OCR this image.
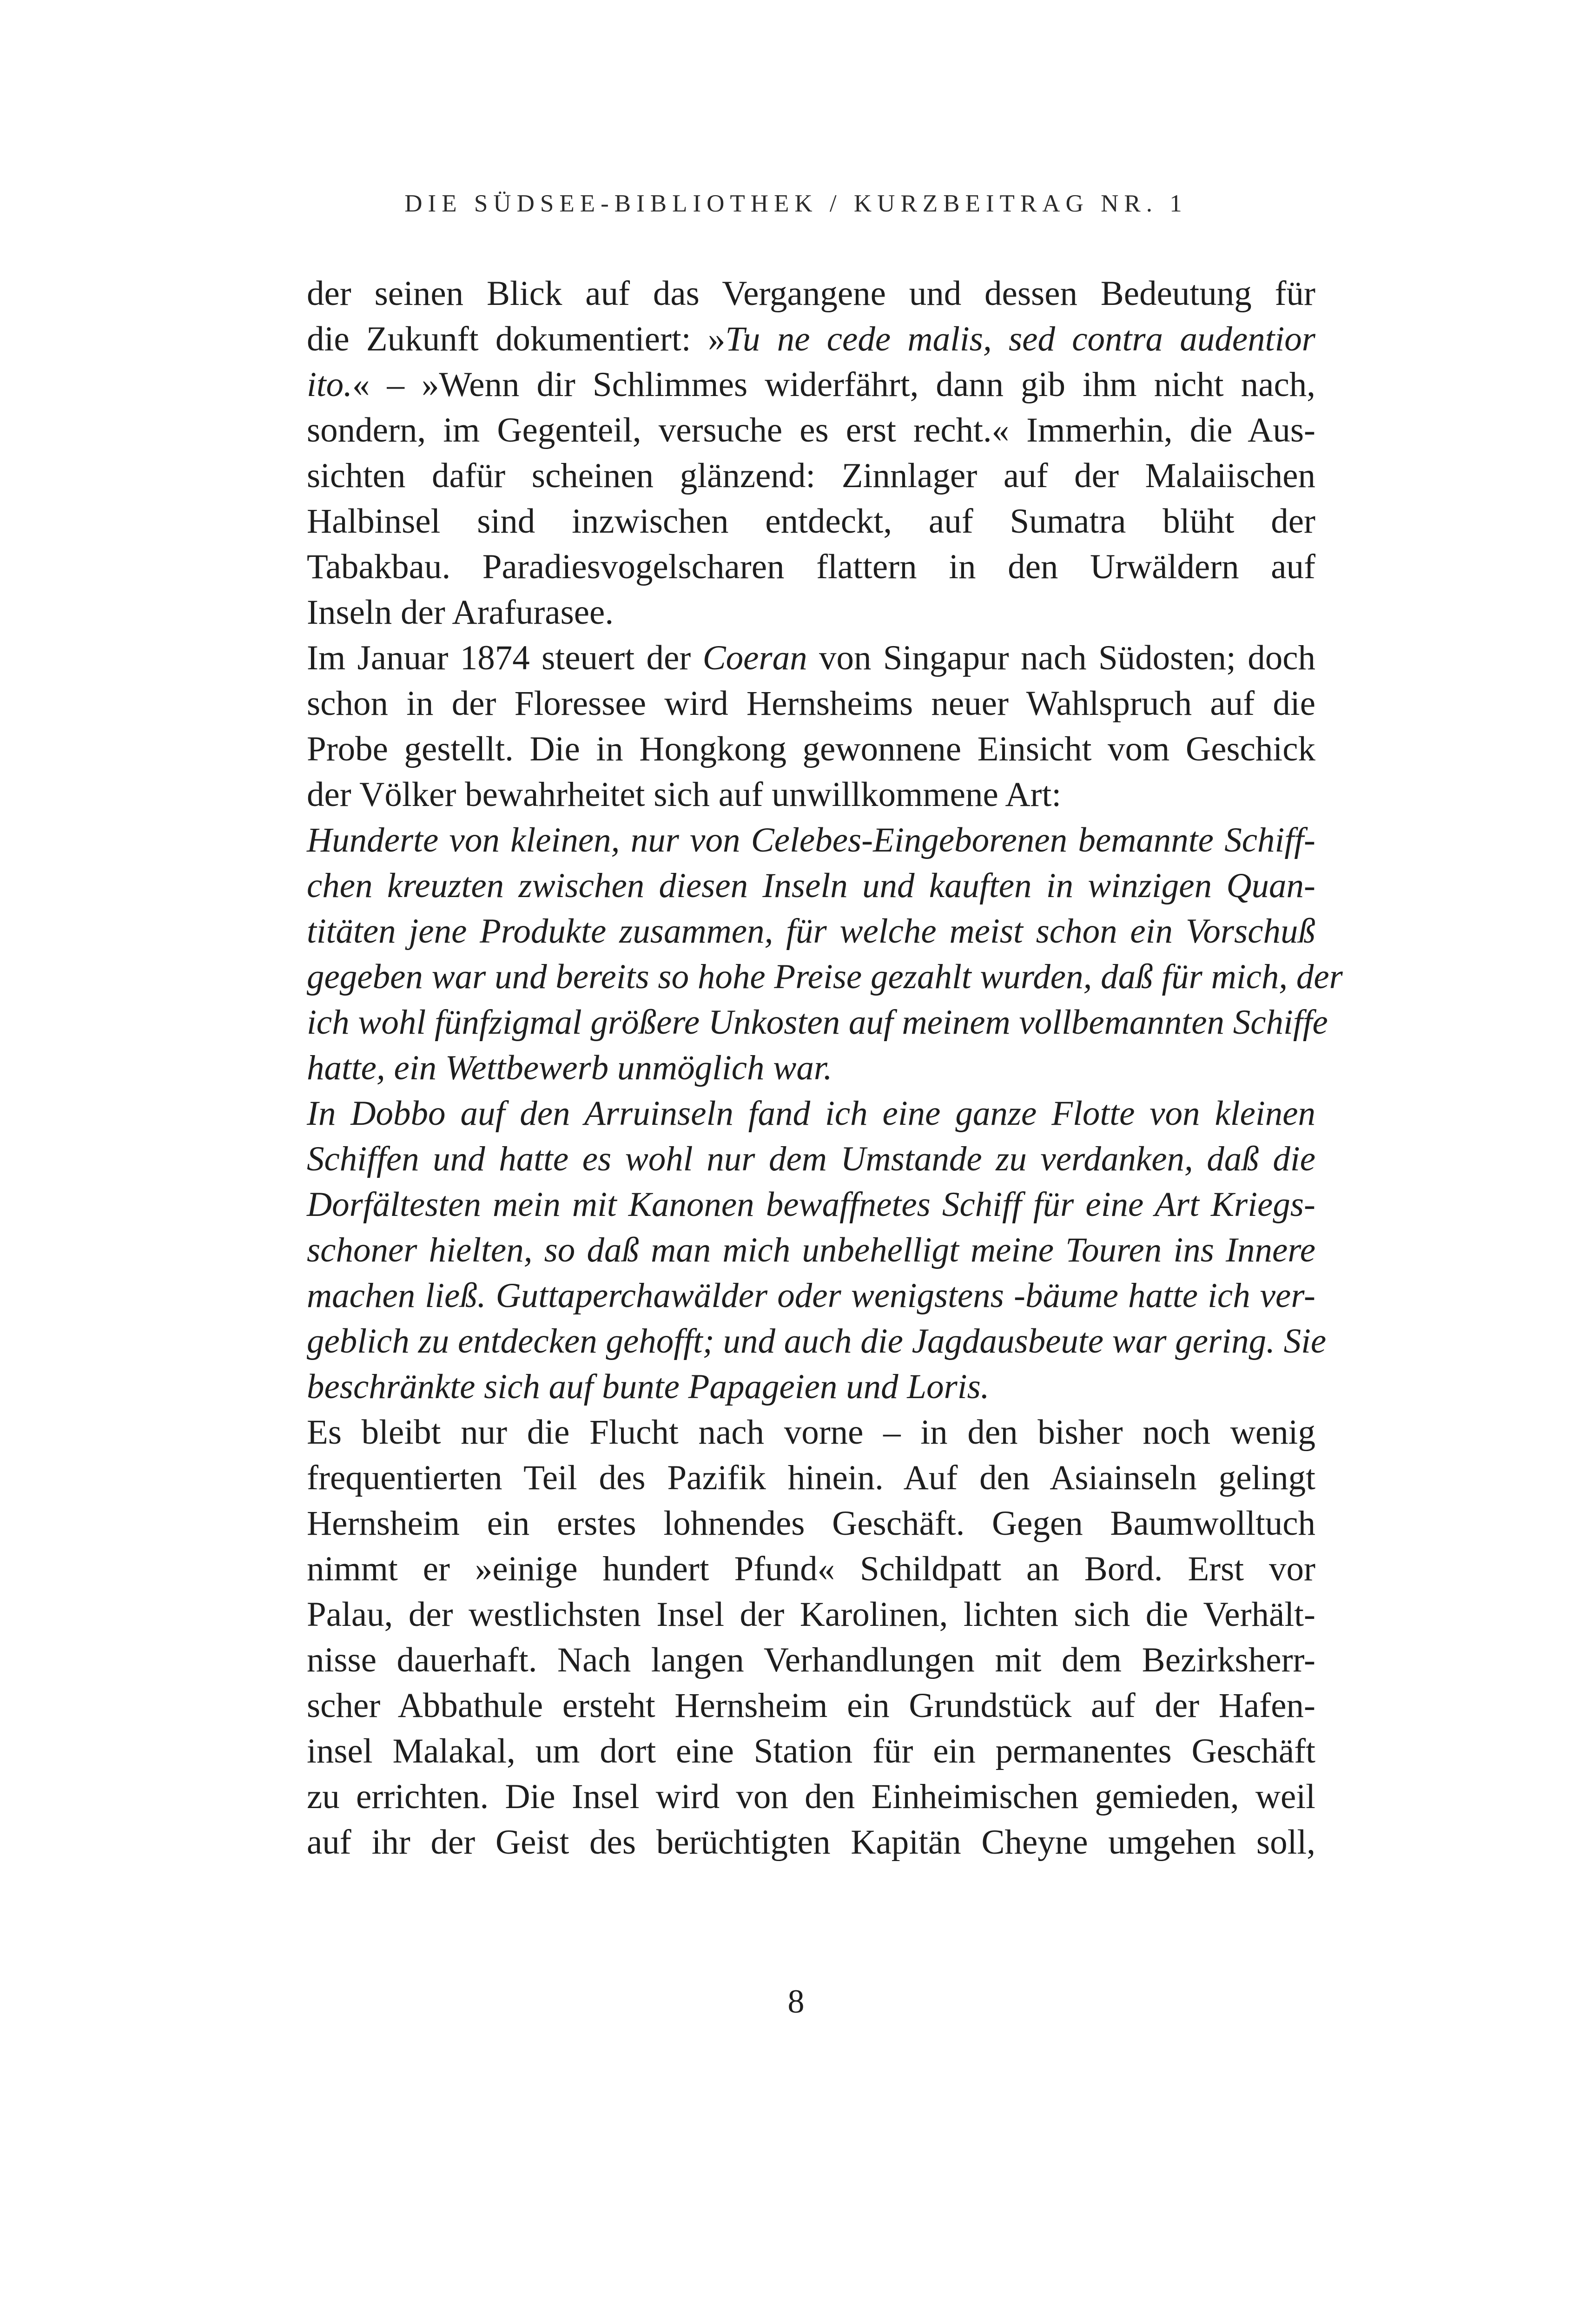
DIE SÜDSEE-BIBLIOTHEK / KURZBEITRAG NR. 1
der seinen Blick auf das Vergangene und dessen Bedeutung für
die Zukunft dokumentiert: »Tu ne cede malis, sed contra audentior
ito.« – »Wenn dir Schlimmes widerfährt, dann gib ihm nicht nach,
sondern, im Gegenteil, versuche es erst recht.« Immerhin, die Aus-
sichten dafür scheinen glänzend: Zinnlager auf der Malaiischen
Halbinsel sind inzwischen entdeckt, auf Sumatra blüht der
Tabakbau. Paradiesvogelscharen flattern in den Urwäldern auf
Inseln der Arafurasee.
Im Januar 1874 steuert der Coeran von Singapur nach Südosten; doch
schon in der Floressee wird Hernsheims neuer Wahlspruch auf die
Probe gestellt. Die in Hongkong gewonnene Einsicht vom Geschick
der Völker bewahrheitet sich auf unwillkommene Art:
Hunderte von kleinen, nur von Celebes-Eingeborenen bemannte Schiff-
chen kreuzten zwischen diesen Inseln und kauften in winzigen Quan-
titäten jene Produkte zusammen, für welche meist schon ein Vorschuß
gegeben war und bereits so hohe Preise gezahlt wurden, daß für mich, der
ich wohl fünfzigmal größere Unkosten auf meinem vollbemannten Schiffe
hatte, ein Wettbewerb unmöglich war.
In Dobbo auf den Arruinseln fand ich eine ganze Flotte von kleinen
Schiffen und hatte es wohl nur dem Umstande zu verdanken, daß die
Dorfältesten mein mit Kanonen bewaffnetes Schiff für eine Art Kriegs-
schoner hielten, so daß man mich unbehelligt meine Touren ins Innere
machen ließ. Guttaperchawälder oder wenigstens -bäume hatte ich ver-
geblich zu entdecken gehofft; und auch die Jagdausbeute war gering. Sie
beschränkte sich auf bunte Papageien und Loris.
Es bleibt nur die Flucht nach vorne – in den bisher noch wenig
frequentierten Teil des Pazifik hinein. Auf den Asiainseln gelingt
Hernsheim ein erstes lohnendes Geschäft. Gegen Baumwolltuch
nimmt er »einige hundert Pfund« Schildpatt an Bord. Erst vor
Palau, der westlichsten Insel der Karolinen, lichten sich die Verhält-
nisse dauerhaft. Nach langen Verhandlungen mit dem Bezirksherr-
scher Abbathule ersteht Hernsheim ein Grundstück auf der Hafen-
insel Malakal, um dort eine Station für ein permanentes Geschäft
zu errichten. Die Insel wird von den Einheimischen gemieden, weil
auf ihr der Geist des berüchtigten Kapitän Cheyne umgehen soll,
8
